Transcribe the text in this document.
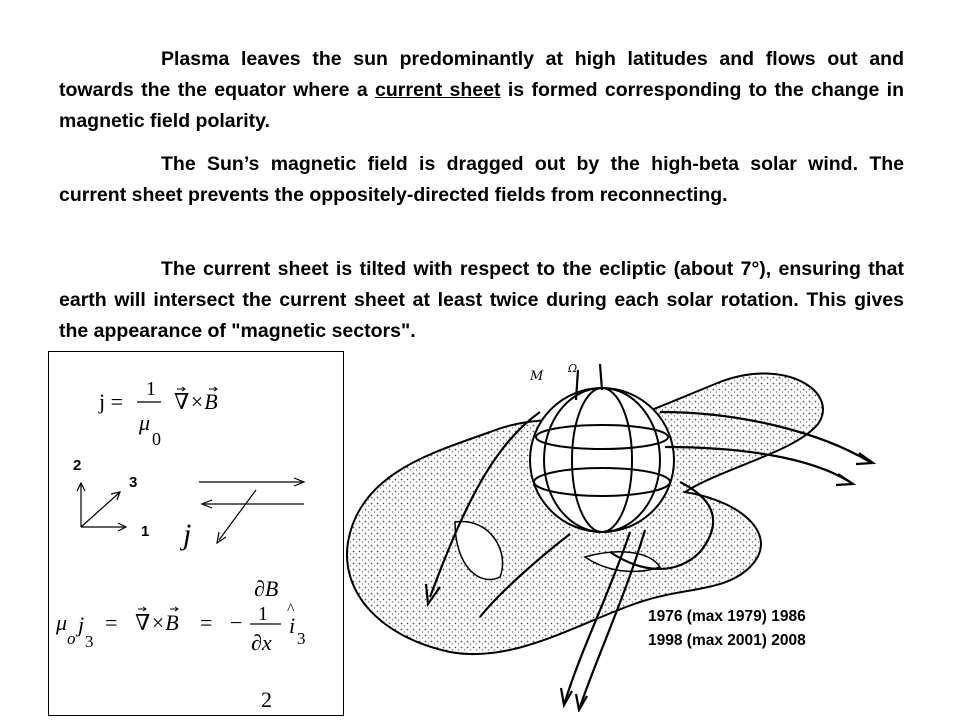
Plasma leaves the sun predominantly at high latitudes and flows out and towards the the equator where a current sheet is formed corresponding to the change in magnetic field polarity.

The Sun’s magnetic field is dragged out by the high-beta solar wind. The current sheet prevents the oppositely-directed fields from reconnecting.

The current sheet is tilted with respect to the ecliptic (about 7°), ensuring that earth will intersect the current sheet at least twice during each solar rotation. This gives the appearance of "magnetic sectors".

j = 1
μ
0
∇×B
μ
o
j
3
= ∇×B = −
∂B
1
∂x
2
i
^
3
2
3
1 j
M
Ω
1976 (max 1979) 1986
1998 (max 2001) 2008
